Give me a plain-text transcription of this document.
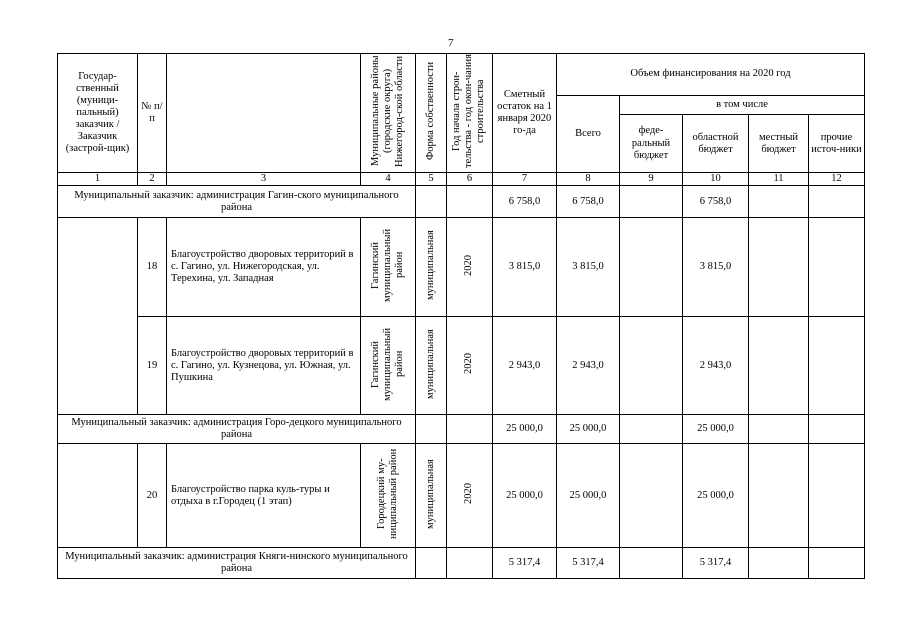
7
Государ-ственный (муници-пальный) заказчик / Заказчик (застрой-щик)	№ п/п		Муниципальные районы (городские округа) Нижегород-ской области	Форма собственности	Год начала строи-тельства - год окон-чания строительства	Сметный остаток на 1 января 2020 го-да	Объем финансирования на 2020 год				
							Всего	в том числе			
								феде-ральный бюджет	областной бюджет	местный бюджет	прочие источ-ники
1	2	3	4	5	6	7	8	9	10	11	12
Муниципальный заказчик: администрация Гагин-ского муниципального района						6 758,0	6 758,0		6 758,0		
	18	Благоустройство дворовых территорий в с. Гагино, ул. Нижегородская, ул. Терехина, ул. Западная	Гагинский муниципальный район	муниципальная	2020	3 815,0	3 815,0		3 815,0		
	19	Благоустройство дворовых территорий в с. Гагино, ул. Кузнецова, ул. Южная, ул. Пушкина	Гагинский муниципальный район	муниципальная	2020	2 943,0	2 943,0		2 943,0		
Муниципальный заказчик: администрация Горо-децкого муниципального района						25 000,0	25 000,0		25 000,0		
	20	Благоустройство парка куль-туры и отдыха в г.Городец (1 этап)	Городецкий му-ниципальный район	муниципальная	2020	25 000,0	25 000,0		25 000,0		
Муниципальный заказчик: администрация Княги-нинского муниципального района						5 317,4	5 317,4		5 317,4		
